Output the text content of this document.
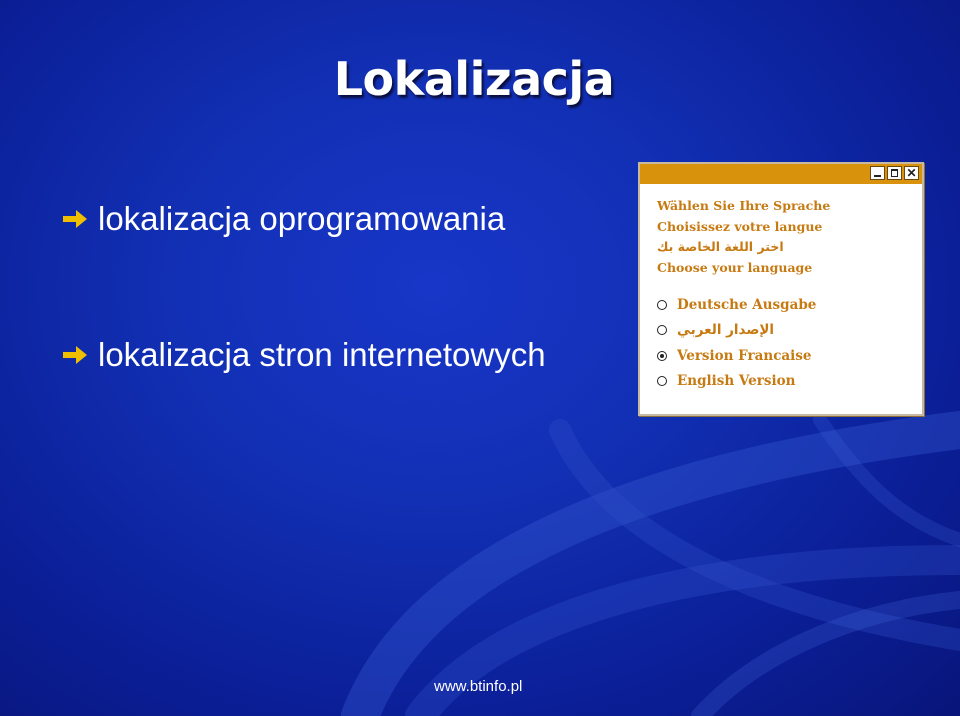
Lokalizacja
lokalizacja oprogramowania
lokalizacja stron internetowych
✕
Wählen Sie Ihre Sprache
Choisissez votre langue
اختر اللغة الخاصة بك
Choose your language
Deutsche Ausgabe
الإصدار العربي
Version Francaise
English Version
www.btinfo.pl
